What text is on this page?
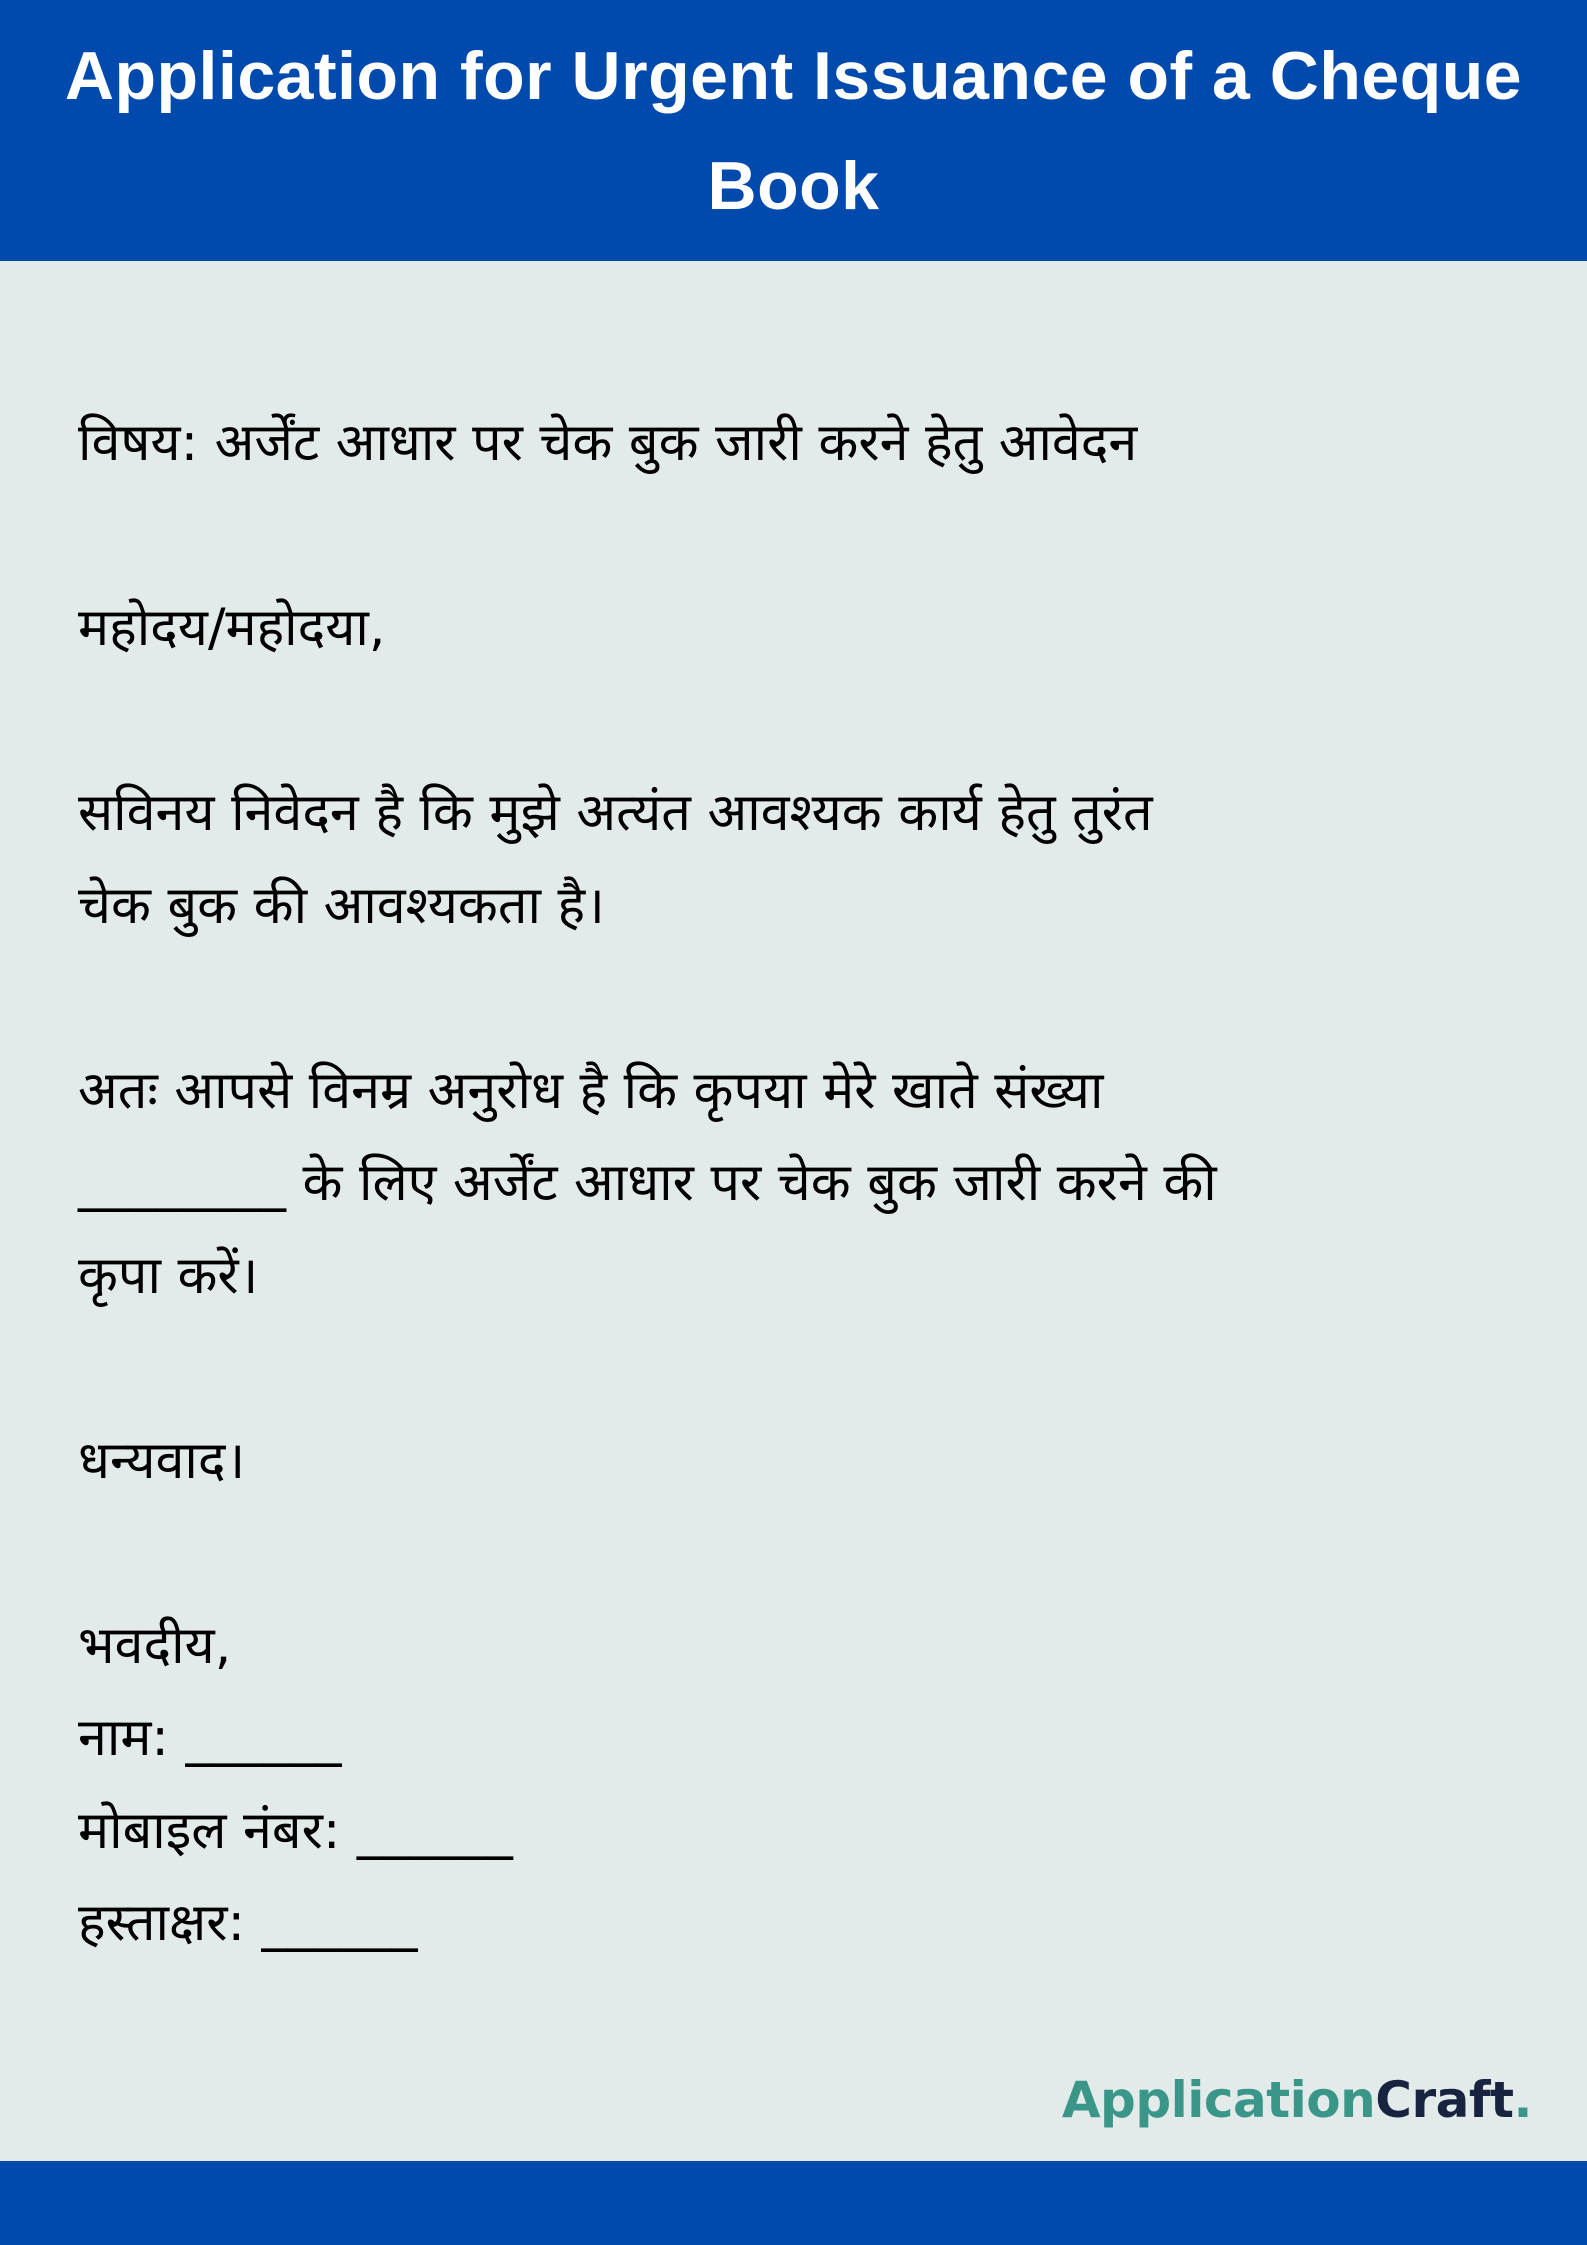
Application for Urgent Issuance of a Cheque Book
विषय: अर्जेंट आधार पर चेक बुक जारी करने हेतु आवेदन
महोदय/महोदया,
सविनय निवेदन है कि मुझे अत्यंत आवश्यक कार्य हेतु तुरंत
चेक बुक की आवश्यकता है।
अतः आपसे विनम्र अनुरोध है कि कृपया मेरे खाते संख्या
________ के लिए अर्जेंट आधार पर चेक बुक जारी करने की
कृपा करें।
धन्यवाद।
भवदीय,
नाम: ______
मोबाइल नंबर: ______
हस्ताक्षर: ______
ApplicationCraft.
